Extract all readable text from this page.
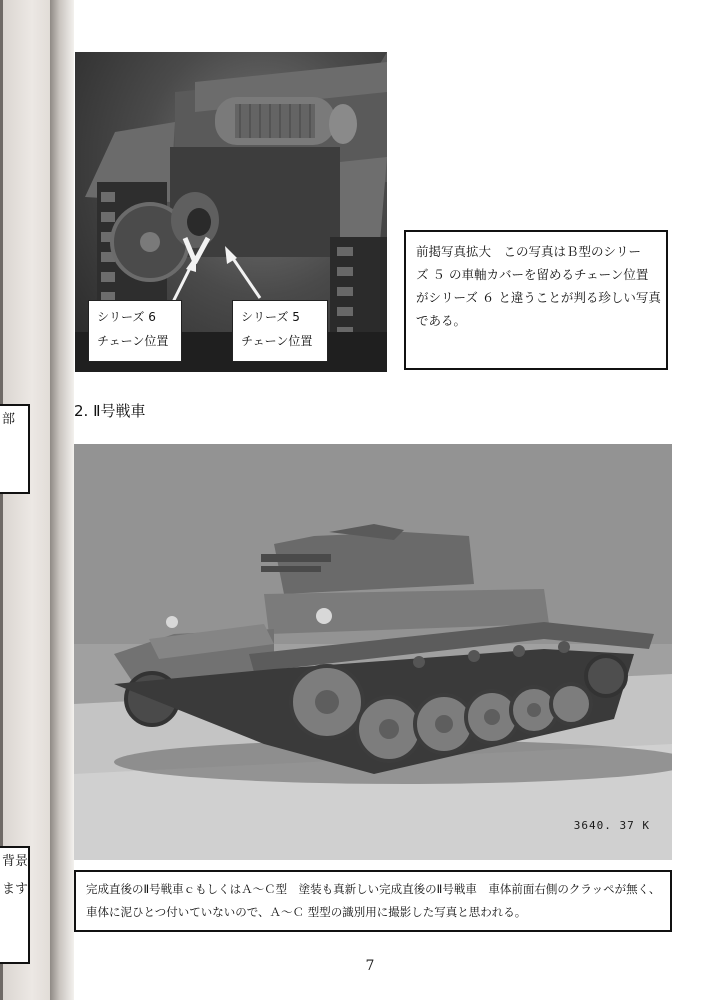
部
背景
ます
シリーズ 6
チェーン位置
シリーズ 5
チェーン位置
前掲写真拡大　この写真はＢ型のシリー
ズ ５ の車軸カバーを留めるチェーン位置
がシリーズ ６ と違うことが判る珍しい写真
である。
2. Ⅱ号戦車
3640. 37 K
完成直後のⅡ号戦車ｃもしくはＡ～Ｃ型　塗装も真新しい完成直後のⅡ号戦車　車体前面右側のクラッペが無く、
車体に泥ひとつ付いていないので、Ａ～Ｃ 型型の識別用に撮影した写真と思われる。
7
